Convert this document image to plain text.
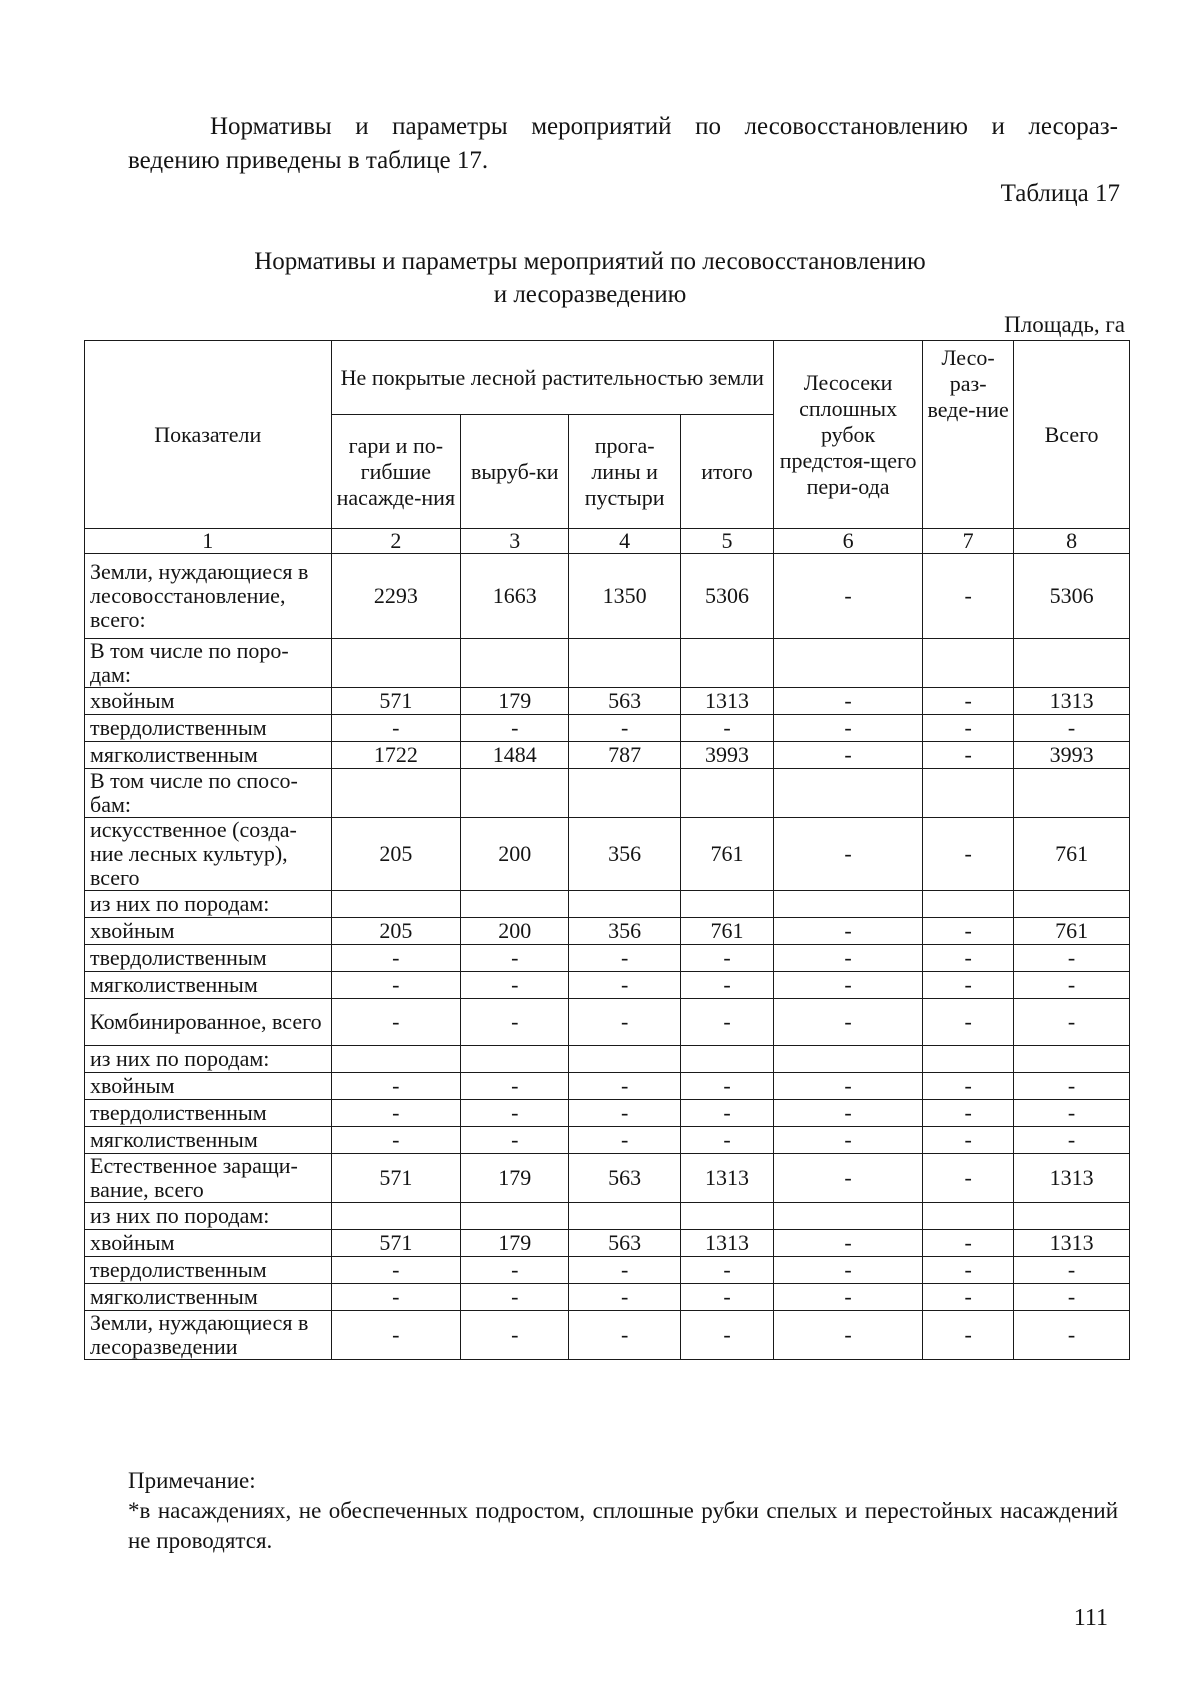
Нормативы и параметры мероприятий по лесовосстановлению и лесораз-
ведению приведены в таблице 17.
Таблица 17
Нормативы и параметры мероприятий по лесовосстановлению
и лесоразведению
Площадь, га
Показатели	Не покрытые лесной растительностью земли				Лесосеки сплошных рубок предстоя-щего пери-ода	Лесо-раз-веде-ние	Всего
	гари и по-гибшие насажде-ния	выруб-ки	прога-лины и пустыри	итого			
1	2	3	4	5	6	7	8
Земли, нуждающиеся в лесовосстановление, всего:	2293	1663	1350	5306	-	-	5306
В том числе по поро-дам:							
хвойным	571	179	563	1313	-	-	1313
твердолиственным	-	-	-	-	-	-	-
мягколиственным	1722	1484	787	3993	-	-	3993
В том числе по спосо-бам:							
искусственное (созда-ние лесных культур), всего	205	200	356	761	-	-	761
из них по породам:							
хвойным	205	200	356	761	-	-	761
твердолиственным	-	-	-	-	-	-	-
мягколиственным	-	-	-	-	-	-	-
Комбинированное, всего	-	-	-	-	-	-	-
из них по породам:							
хвойным	-	-	-	-	-	-	-
твердолиственным	-	-	-	-	-	-	-
мягколиственным	-	-	-	-	-	-	-
Естественное заращи-вание, всего	571	179	563	1313	-	-	1313
из них по породам:							
хвойным	571	179	563	1313	-	-	1313
твердолиственным	-	-	-	-	-	-	-
мягколиственным	-	-	-	-	-	-	-
Земли, нуждающиеся в лесоразведении	-	-	-	-	-	-	-
Примечание:
*в насаждениях, не обеспеченных подростом, сплошные рубки спелых и перестойных насаждений не проводятся.
111
